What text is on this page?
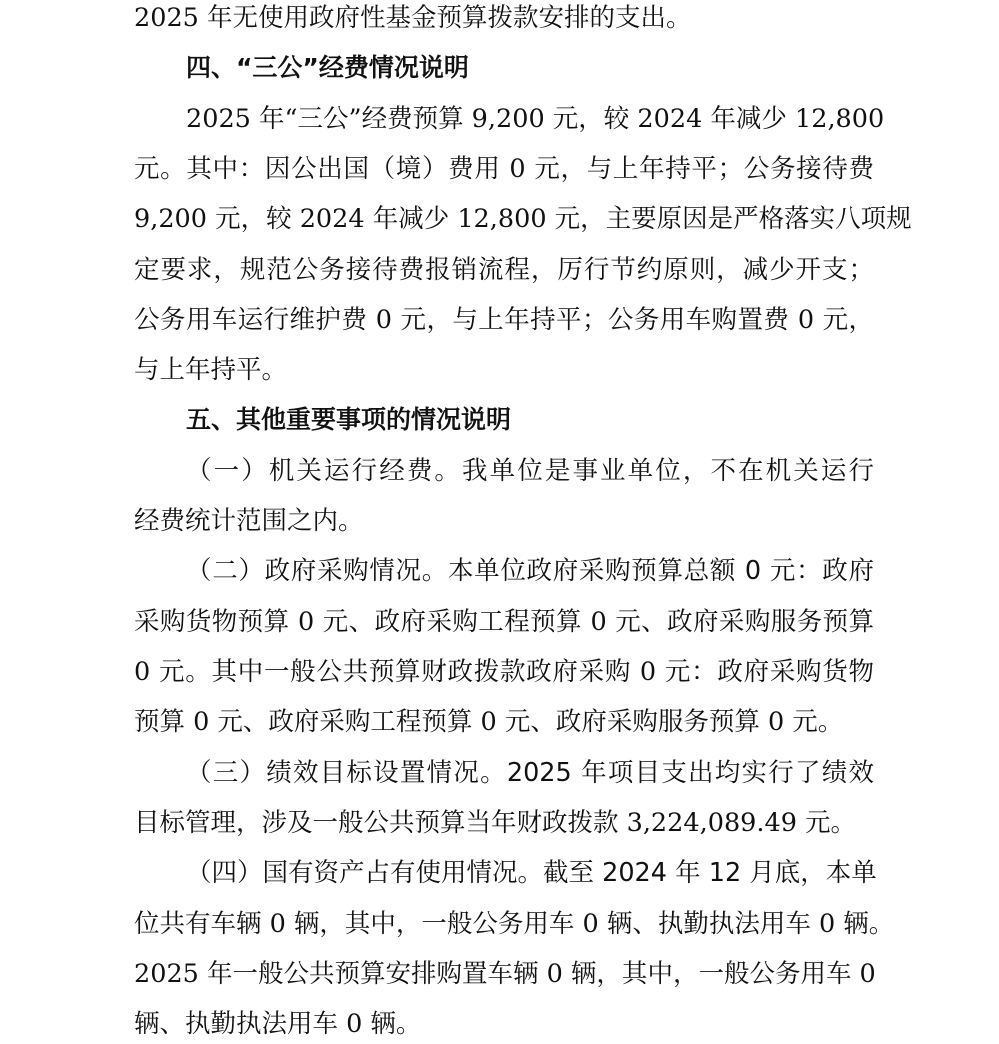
2025 年无使用政府性基金预算拨款安排的支出。
四、“三公”经费情况说明
2025 年“三公”经费预算 9,200 元，较 2024 年减少 12,800
元。其中：因公出国（境）费用 0 元，与上年持平；公务接待费
9,200 元，较 2024 年减少 12,800 元，主要原因是严格落实八项规
定要求，规范公务接待费报销流程，厉行节约原则，减少开支；
公务用车运行维护费 0 元，与上年持平；公务用车购置费 0 元，
与上年持平。
五、其他重要事项的情况说明
（一）机关运行经费。我单位是事业单位，不在机关运行
经费统计范围之内。
（二）政府采购情况。本单位政府采购预算总额 0 元：政府
采购货物预算 0 元、政府采购工程预算 0 元、政府采购服务预算
0 元。其中一般公共预算财政拨款政府采购 0 元：政府采购货物
预算 0 元、政府采购工程预算 0 元、政府采购服务预算 0 元。
（三）绩效目标设置情况。2025 年项目支出均实行了绩效
目标管理，涉及一般公共预算当年财政拨款 3,224,089.49 元。
（四）国有资产占有使用情况。截至 2024 年 12 月底，本单
位共有车辆 0 辆，其中，一般公务用车 0 辆、执勤执法用车 0 辆。
2025 年一般公共预算安排购置车辆 0 辆，其中，一般公务用车 0
辆、执勤执法用车 0 辆。
